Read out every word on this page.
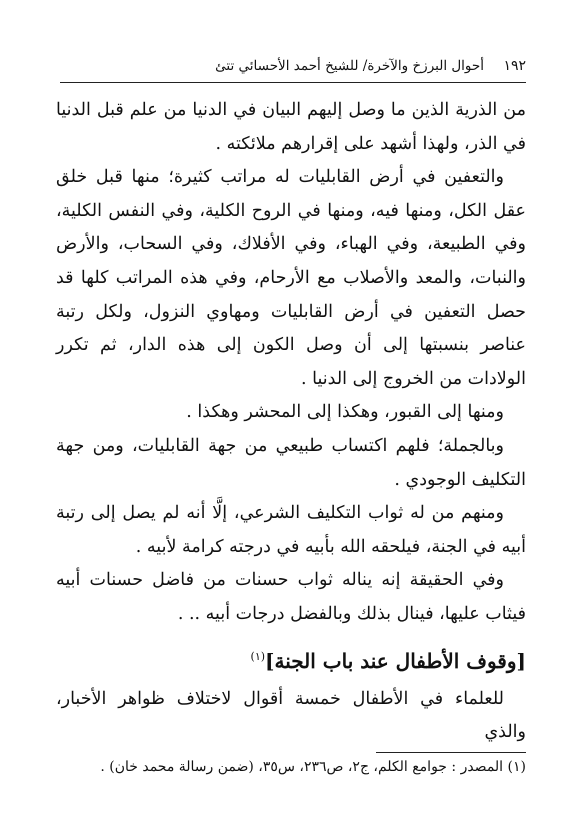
١٩٢
أحوال البرزخ والآخرة/ للشيخ أحمد الأحسائي تتئ

من الذرية الذين ما وصل إليهم البيان في الدنيا من علم قبل الدنيا في الذر، ولهذا أشهد على إقرارهم ملائكته .

والتعفين في أرض القابليات له مراتب كثيرة؛ منها قبل خلق عقل الكل، ومنها فيه، ومنها في الروح الكلية، وفي النفس الكلية، وفي الطبيعة، وفي الهباء، وفي الأفلاك، وفي السحاب، والأرض والنبات، والمعد والأصلاب مع الأرحام، وفي هذه المراتب كلها قد حصل التعفين في أرض القابليات ومهاوي النزول، ولكل رتبة عناصر بنسبتها إلى أن وصل الكون إلى هذه الدار، ثم تكرر الولادات من الخروج إلى الدنيا .

ومنها إلى القبور، وهكذا إلى المحشر وهكذا .

وبالجملة؛ فلهم اكتساب طبيعي من جهة القابليات، ومن جهة التكليف الوجودي .

ومنهم من له ثواب التكليف الشرعي، إلَّا أنه لم يصل إلى رتبة أبيه في الجنة، فيلحقه الله بأبيه في درجته كرامة لأبيه .

وفي الحقيقة إنه يناله ثواب حسنات من فاضل حسنات أبيه فيثاب عليها، فينال بذلك وبالفضل درجات أبيه .. .

[وقوف الأطفال عند باب الجنة]$^{(١)}$

للعلماء في الأطفال خمسة أقوال لاختلاف ظواهر الأخبار، والذي

(١) المصدر : جوامع الكلم، ج٢، ص٢٣٦، س٣٥، (ضمن رسالة محمد خان) .
